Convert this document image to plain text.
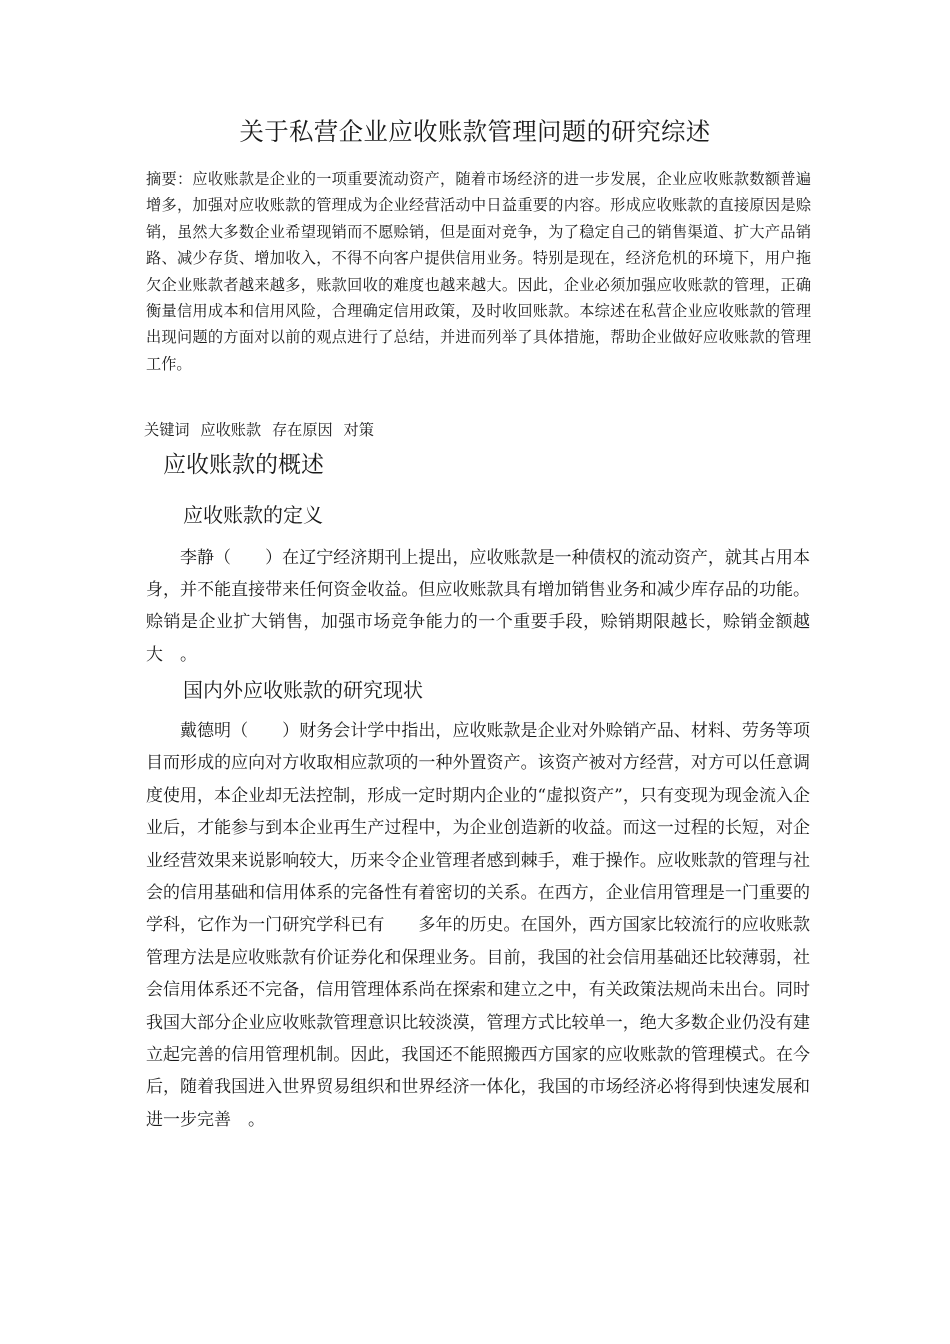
关于私营企业应收账款管理问题的研究综述
摘要：应收账款是企业的一项重要流动资产，随着市场经济的进一步发展，企业应收账款数额普遍增多，加强对应收账款的管理成为企业经营活动中日益重要的内容。形成应收账款的直接原因是赊销，虽然大多数企业希望现销而不愿赊销，但是面对竞争，为了稳定自己的销售渠道、扩大产品销路、减少存货、增加收入，不得不向客户提供信用业务。特别是现在，经济危机的环境下，用户拖欠企业账款者越来越多，账款回收的难度也越来越大。因此，企业必须加强应收账款的管理，正确衡量信用成本和信用风险，合理确定信用政策，及时收回账款。本综述在私营企业应收账款的管理出现问题的方面对以前的观点进行了总结，并进而列举了具体措施，帮助企业做好应收账款的管理工作。
关键词 应收账款 存在原因 对策
应收账款的概述
应收账款的定义
李静（　　）在辽宁经济期刊上提出，应收账款是一种债权的流动资产，就其占用本身，并不能直接带来任何资金收益。但应收账款具有增加销售业务和减少库存品的功能。赊销是企业扩大销售，加强市场竞争能力的一个重要手段，赊销期限越长，赊销金额越大　。
国内外应收账款的研究现状
戴德明（　　）财务会计学中指出，应收账款是企业对外赊销产品、材料、劳务等项目而形成的应向对方收取相应款项的一种外置资产。该资产被对方经营，对方可以任意调度使用，本企业却无法控制，形成一定时期内企业的“虚拟资产”，只有变现为现金流入企业后，才能参与到本企业再生产过程中，为企业创造新的收益。而这一过程的长短，对企业经营效果来说影响较大，历来令企业管理者感到棘手，难于操作。应收账款的管理与社会的信用基础和信用体系的完备性有着密切的关系。在西方，企业信用管理是一门重要的学科，它作为一门研究学科已有　　多年的历史。在国外，西方国家比较流行的应收账款管理方法是应收账款有价证券化和保理业务。目前，我国的社会信用基础还比较薄弱，社会信用体系还不完备，信用管理体系尚在探索和建立之中，有关政策法规尚未出台。同时我国大部分企业应收账款管理意识比较淡漠，管理方式比较单一，绝大多数企业仍没有建立起完善的信用管理机制。因此，我国还不能照搬西方国家的应收账款的管理模式。在今后，随着我国进入世界贸易组织和世界经济一体化，我国的市场经济必将得到快速发展和进一步完善　。
